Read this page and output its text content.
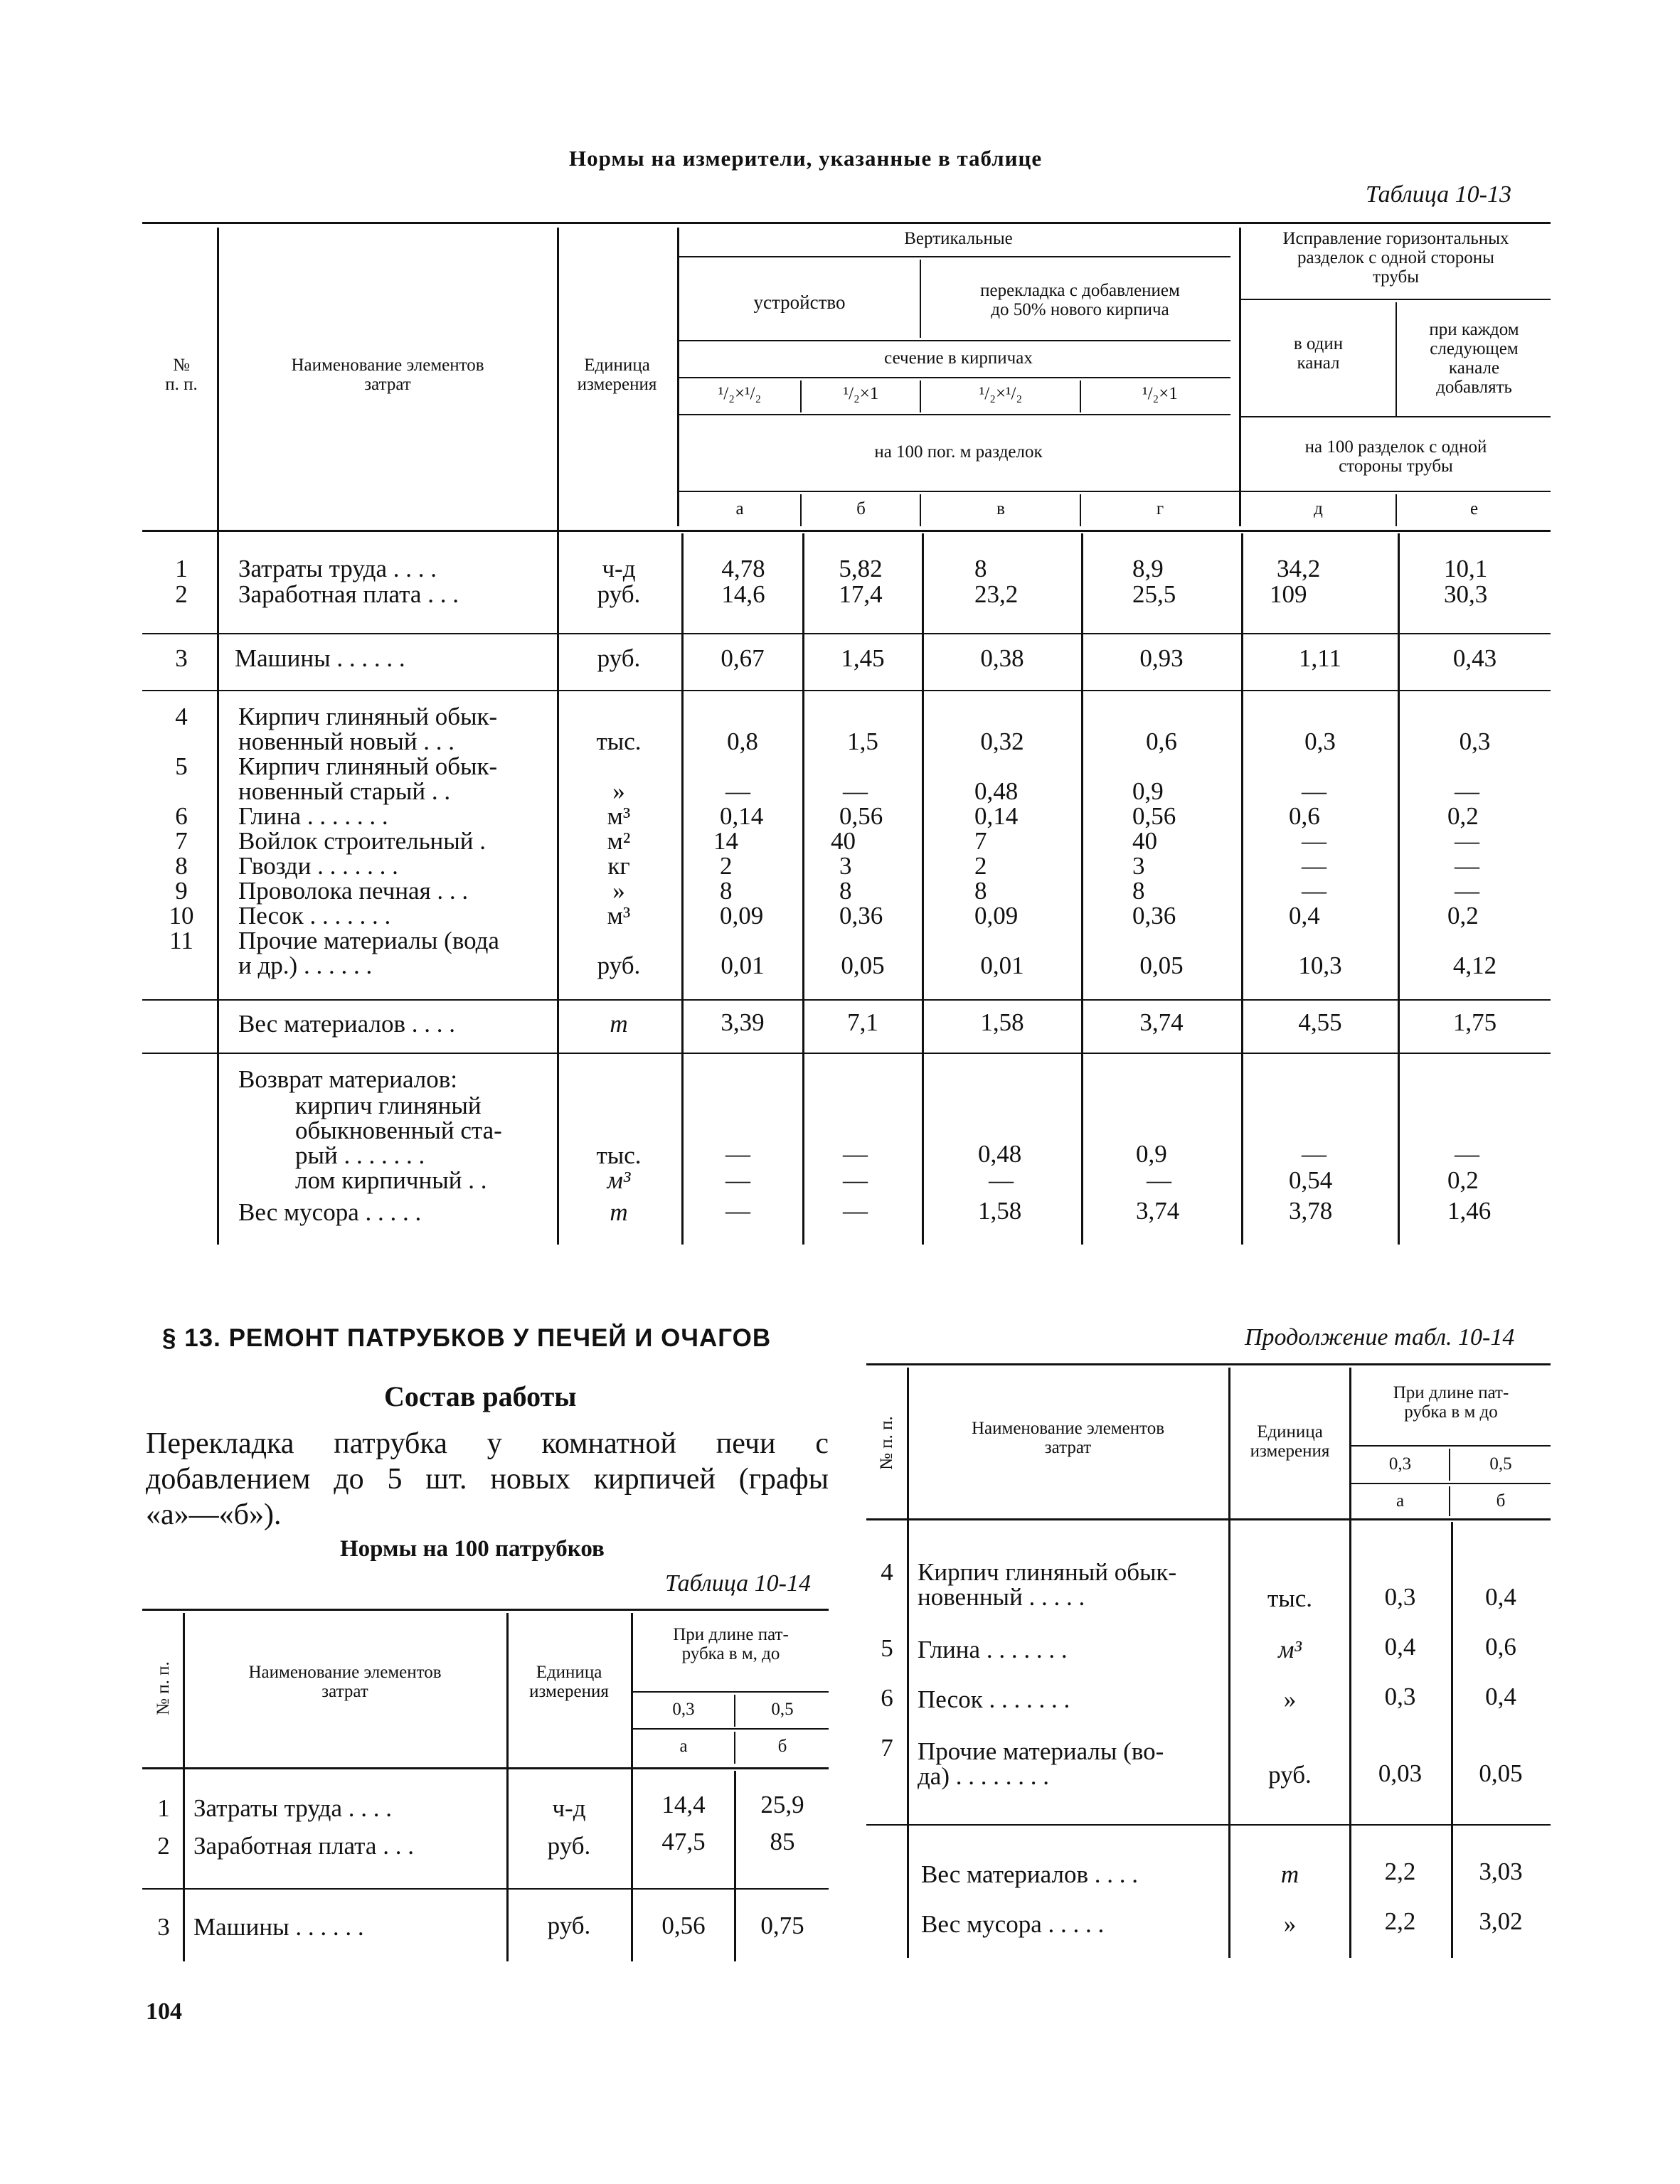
Нормы на измерители, указанные в таблице
Таблица 10-13
№
п. п.
Наименование элементов
затрат
Единица
измерения
Вертикальные
устройство
перекладка с добавлением
до 50% нового кирпича
сечение в кирпичах
¹/₂×¹/₂	¹/₂×1	¹/₂×¹/₂	¹/₂×1
на 100 пог. м разделок
Исправление горизонтальных
разделок с одной стороны
трубы
в один
канал
при каждом
следующем
канале
добавлять
на 100 разделок с одной
стороны трубы
а	б	в	г	д	е
1	Затраты труда . . . .	ч-д	4,78	5,82	8	8,9	34,2	10,1
2	Заработная плата . . .	руб.	14,6	17,4	23,2	25,5	109	30,3
3	Машины . . . . . .	руб.	0,67	1,45	0,38	0,93	1,11	0,43
4	Кирпич глиняный обык-
новенный новый . . .	тыс.	0,8	1,5	0,32	0,6	0,3	0,3
5	Кирпич глиняный обык-
новенный старый . .	»	—	—	0,48	0,9	—	—
6	Глина . . . . . . .	м³	0,14	0,56	0,14	0,56	0,6	0,2
7	Войлок строительный .	м²	14	40	7	40	—	—
8	Гвозди . . . . . . .	кг	2	3	2	3	—	—
9	Проволока печная . . .	»	8	8	8	8	—	—
10	Песок . . . . . . .	м³	0,09	0,36	0,09	0,36	0,4	0,2
11	Прочие материалы (вода
и др.) . . . . . .	руб.	0,01	0,05	0,01	0,05	10,3	4,12
Вес материалов . . . .	т	3,39	7,1	1,58	3,74	4,55	1,75
Возврат материалов:
кирпич глиняный
обыкновенный ста-
рый . . . . . . .	тыс.	—	—	0,48	0,9	—	—
лом кирпичный . .	м³	—	—	—	—	0,54	0,2
Вес мусора . . . . .	т	—	—	1,58	3,74	3,78	1,46
§ 13. РЕМОНТ ПАТРУБКОВ У ПЕЧЕЙ И ОЧАГОВ
Состав работы
Перекладка патрубка у комнатной печи с добавлением до 5 шт. новых кирпичей (графы «а»—«б»).
Нормы на 100 патрубков
Таблица 10-14
№ п. п.	Наименование элементов
затрат
Единица
измерения
При длине пат-
рубка в м, до
0,3	0,5
а	б
1 Затраты труда . . . .	ч-д	14,4	25,9
2 Заработная плата . . .	руб.	47,5	85
3 Машины . . . . . .	руб.	0,56	0,75
Продолжение табл. 10-14
№ п. п.	Наименование элементов
затрат
Единица
измерения
При длине пат-
рубка в м до
0,3	0,5
а	б
4 Кирпич глиняный обык-
новенный . . . . .	тыс.	0,3	0,4
5 Глина . . . . . . .	м³	0,4	0,6
6 Песок . . . . . . .	»	0,3	0,4
7 Прочие материалы (во-
да) . . . . . . . .	руб.	0,03	0,05
Вес материалов . . . .	т	2,2	3,03
Вес мусора . . . . .	»	2,2	3,02
104
